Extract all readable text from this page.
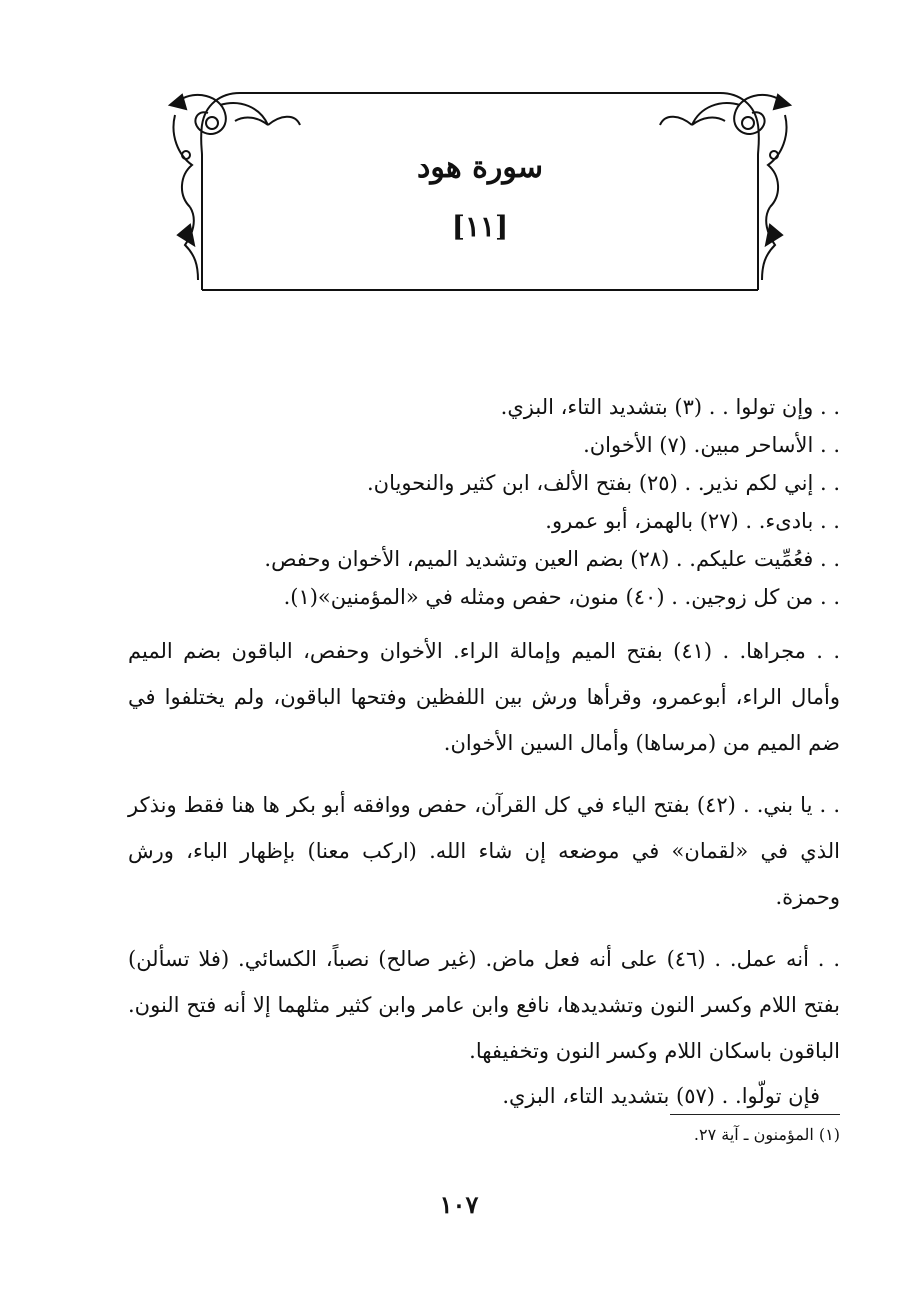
سورة هود
[١١]
. . وإن تولوا . . (٣) بتشديد التاء، البزي.
. . الأساحر مبين. (٧) الأخوان.
. . إني لكم نذير. . (٢٥) بفتح الألف، ابن كثير والنحويان.
. . بادىء. . (٢٧) بالهمز، أبو عمرو.
. . فعُمِّيت عليكم. . (٢٨) بضم العين وتشديد الميم، الأخوان وحفص.
. . من كل زوجين. . (٤٠) منون، حفص ومثله في «المؤمنين»(١).
. . مجراها. . (٤١) بفتح الميم وإمالة الراء. الأخوان وحفص، الباقون بضم الميم وأمال الراء، أبوعمرو، وقرأها ورش بين اللفظين وفتحها الباقون، ولم يختلفوا في ضم الميم من (مرساها) وأمال السين الأخوان.
. . يا بني. . (٤٢) بفتح الياء في كل القرآن، حفص ووافقه أبو بكر ها هنا فقط ونذكر الذي في «لقمان» في موضعه إن شاء الله. (اركب معنا) بإظهار الباء، ورش وحمزة.
. . أنه عمل. . (٤٦) على أنه فعل ماض. (غير صالح) نصباً، الكسائي. (فلا تسألن) بفتح اللام وكسر النون وتشديدها، نافع وابن عامر وابن كثير مثلهما إلا أنه فتح النون. الباقون باسكان اللام وكسر النون وتخفيفها.
فإن تولّوا. . (٥٧) بتشديد التاء، البزي.
(١) المؤمنون ـ آية ٢٧.
١٠٧
